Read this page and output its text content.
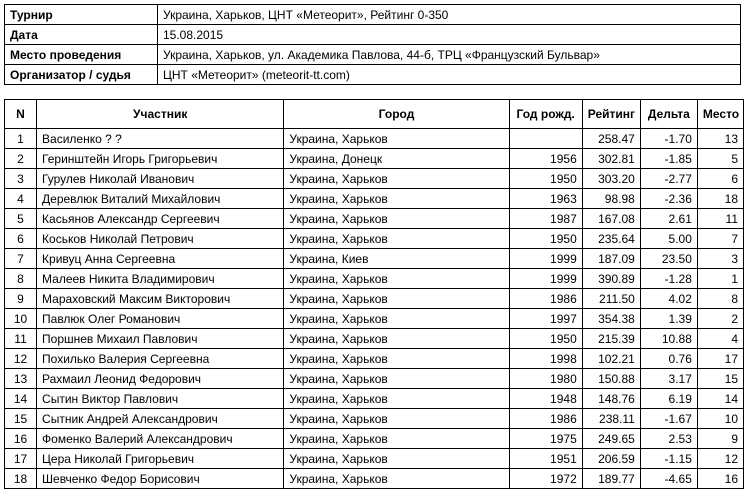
Турнир	Украина, Харьков, ЦНТ «Метеорит», Рейтинг 0-350
Дата	15.08.2015
Место проведения	Украина, Харьков, ул. Академика Павлова, 44-б, ТРЦ «Французский Бульвар»
Организатор / судья	ЦНТ «Метеорит» (meteorit-tt.com)
N	Участник	Город	Год рожд.	Рейтинг	Дельта	Место
1	Василенко ? ?	Украина, Харьков		258.47	-1.70	13
2	Геринштейн Игорь Григорьевич	Украина, Донецк	1956	302.81	-1.85	5
3	Гурулев Николай Иванович	Украина, Харьков	1950	303.20	-2.77	6
4	Деревлюк Виталий Михайлович	Украина, Харьков	1963	98.98	-2.36	18
5	Касьянов Александр Сергеевич	Украина, Харьков	1987	167.08	2.61	11
6	Коськов Николай Петрович	Украина, Харьков	1950	235.64	5.00	7
7	Кривуц Анна Сергеевна	Украина, Киев	1999	187.09	23.50	3
8	Малеев Никита Владимирович	Украина, Харьков	1999	390.89	-1.28	1
9	Мараховский Максим Викторович	Украина, Харьков	1986	211.50	4.02	8
10	Павлюк Олег Романович	Украина, Харьков	1997	354.38	1.39	2
11	Поршнев Михаил Павлович	Украина, Харьков	1950	215.39	10.88	4
12	Похилько Валерия Сергеевна	Украина, Харьков	1998	102.21	0.76	17
13	Рахмаил Леонид Федорович	Украина, Харьков	1980	150.88	3.17	15
14	Сытин Виктор Павлович	Украина, Харьков	1948	148.76	6.19	14
15	Сытник Андрей Александрович	Украина, Харьков	1986	238.11	-1.67	10
16	Фоменко Валерий Александрович	Украина, Харьков	1975	249.65	2.53	9
17	Цера Николай Григорьевич	Украина, Харьков	1951	206.59	-1.15	12
18	Шевченко Федор Борисович	Украина, Харьков	1972	189.77	-4.65	16
